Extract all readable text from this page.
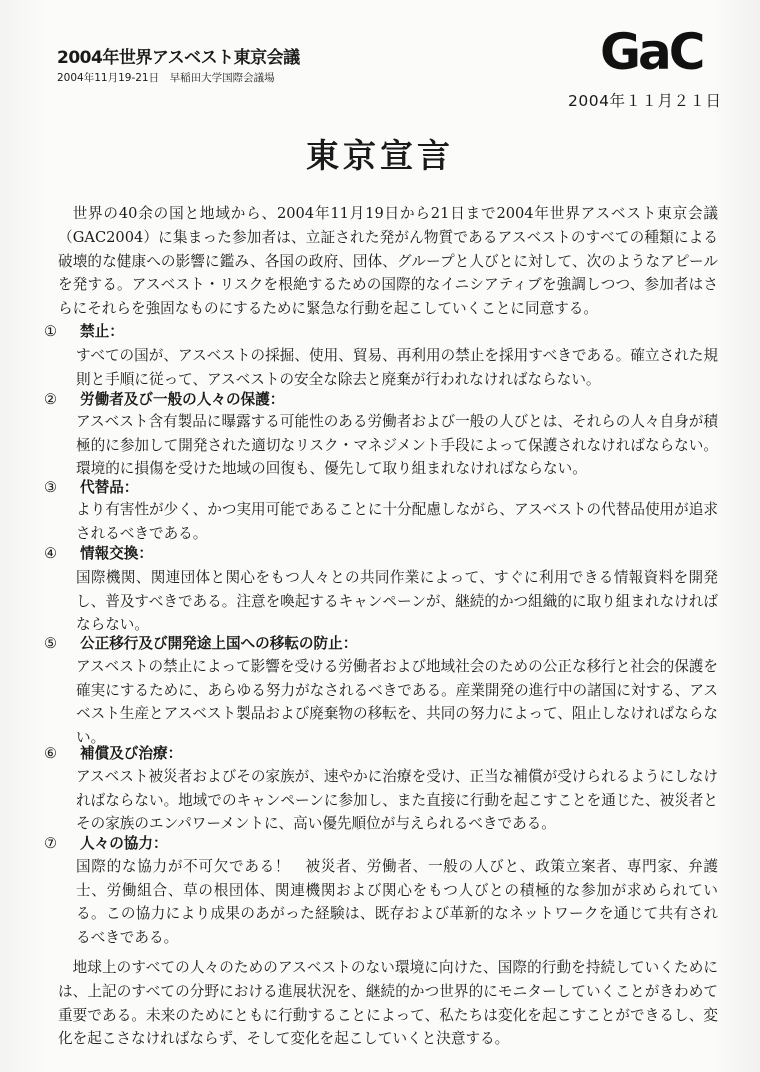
2004年世界アスベスト東京会議
2004年11月19-21日　早稲田大学国際会議場	GaC
2004年１１月２１日
東京宣言

世界の40余の国と地域から、2004年11月19日から21日まで2004年世界アスベスト東京会議（GAC2004）に集まった参加者は、立証された発がん物質であるアスベストのすべての種類による破壊的な健康への影響に鑑み、各国の政府、団体、グループと人びとに対して、次のようなアピールを発する。アスベスト・リスクを根絶するための国際的なイニシアティブを強調しつつ、参加者はさらにそれらを強固なものにするために緊急な行動を起こしていくことに同意する。

① 禁止：

すべての国が、アスベストの採掘、使用、貿易、再利用の禁止を採用すべきである。確立された規則と手順に従って、アスベストの安全な除去と廃棄が行われなければならない。

② 労働者及び一般の人々の保護：

アスベスト含有製品に曝露する可能性のある労働者および一般の人びとは、それらの人々自身が積極的に参加して開発された適切なリスク・マネジメント手段によって保護されなければならない。環境的に損傷を受けた地域の回復も、優先して取り組まれなければならない。

③ 代替品：

より有害性が少く、かつ実用可能であることに十分配慮しながら、アスベストの代替品使用が追求されるべきである。

④ 情報交換：

国際機関、関連団体と関心をもつ人々との共同作業によって、すぐに利用できる情報資料を開発し、普及すべきである。注意を喚起するキャンペーンが、継続的かつ組織的に取り組まれなければならない。

⑤ 公正移行及び開発途上国への移転の防止：

アスベストの禁止によって影響を受ける労働者および地域社会のための公正な移行と社会的保護を確実にするために、あらゆる努力がなされるべきである。産業開発の進行中の諸国に対する、アスベスト生産とアスベスト製品および廃棄物の移転を、共同の努力によって、阻止しなければならない。

⑥ 補償及び治療：

アスベスト被災者およびその家族が、速やかに治療を受け、正当な補償が受けられるようにしなければならない。地域でのキャンペーンに参加し、また直接に行動を起こすことを通じた、被災者とその家族のエンパワーメントに、高い優先順位が与えられるべきである。

⑦ 人々の協力：

国際的な協力が不可欠である！　被災者、労働者、一般の人びと、政策立案者、専門家、弁護士、労働組合、草の根団体、関連機関および関心をもつ人びとの積極的な参加が求められている。この協力により成果のあがった経験は、既存および革新的なネットワークを通じて共有されるべきである。

地球上のすべての人々のためのアスベストのない環境に向けた、国際的行動を持続していくためには、上記のすべての分野における進展状況を、継続的かつ世界的にモニターしていくことがきわめて重要である。未来のためにともに行動することによって、私たちは変化を起こすことができるし、変化を起こさなければならず、そして変化を起こしていくと決意する。
